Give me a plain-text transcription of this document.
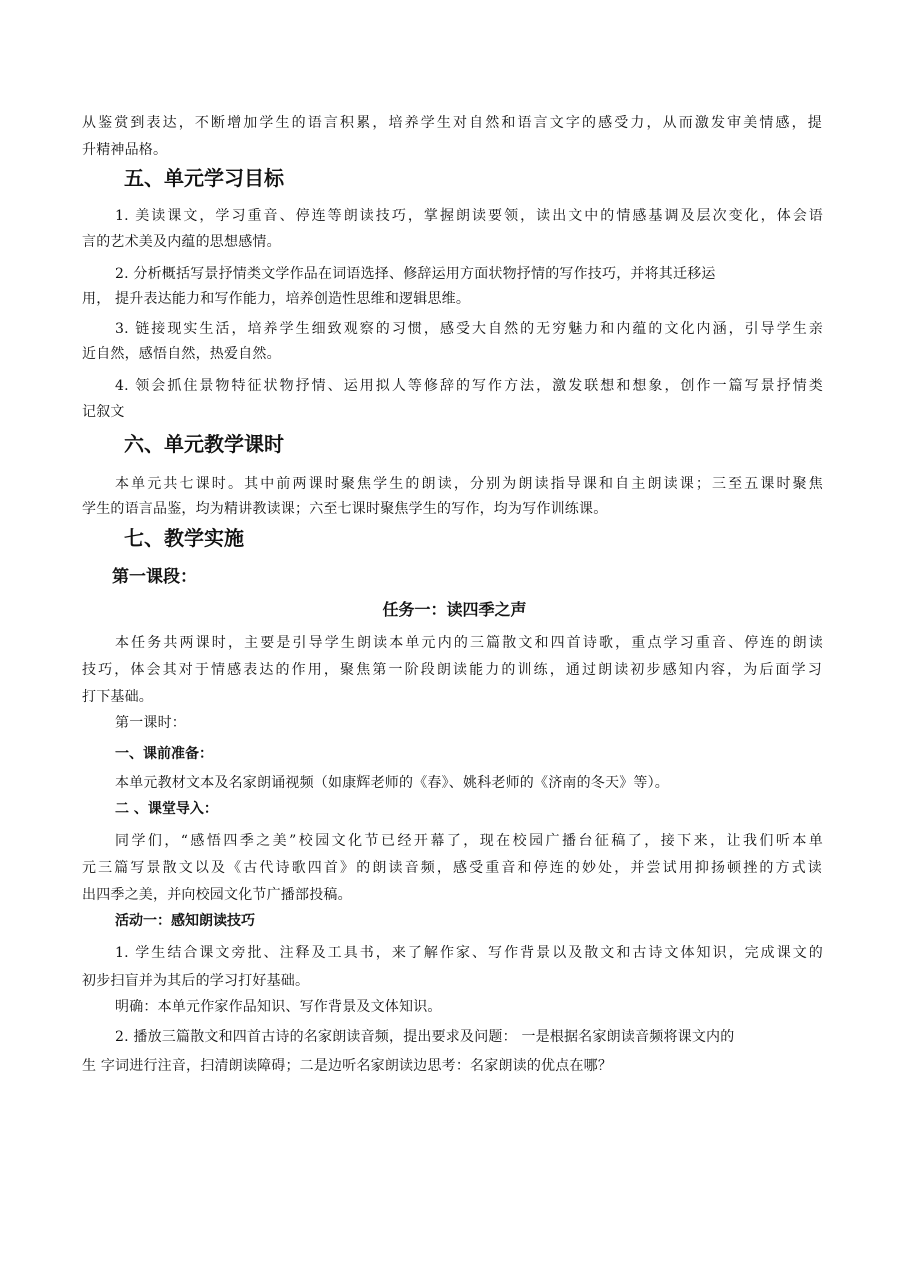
从鉴赏到表达，不断增加学生的语言积累，培养学生对自然和语言文字的感受力，从而激发审美情感，提
升精神品格。
五、单元学习目标
1. 美读课文，学习重音、停连等朗读技巧，掌握朗读要领，读出文中的情感基调及层次变化，体会语
言的艺术美及内蕴的思想感情。
2. 分析概括写景抒情类文学作品在词语选择、修辞运用方面状物抒情的写作技巧，并将其迁移运
用， 提升表达能力和写作能力，培养创造性思维和逻辑思维。
3. 链接现实生活，培养学生细致观察的习惯，感受大自然的无穷魅力和内蕴的文化内涵，引导学生亲
近自然，感悟自然，热爱自然。
4. 领会抓住景物特征状物抒情、运用拟人等修辞的写作方法，激发联想和想象，创作一篇写景抒情类
记叙文
六、单元教学课时
本单元共七课时。其中前两课时聚焦学生的朗读，分别为朗读指导课和自主朗读课；三至五课时聚焦
学生的语言品鉴，均为精讲教读课；六至七课时聚焦学生的写作，均为写作训练课。
七、教学实施
第一课段：
任务一：读四季之声
本任务共两课时，主要是引导学生朗读本单元内的三篇散文和四首诗歌，重点学习重音、停连的朗读
技巧，体会其对于情感表达的作用，聚焦第一阶段朗读能力的训练，通过朗读初步感知内容，为后面学习
打下基础。
第一课时：
一、课前准备：
本单元教材文本及名家朗诵视频（如康辉老师的《春》、姚科老师的《济南的冬天》等）。
二 、课堂导入：
同学们，“感悟四季之美”校园文化节已经开幕了，现在校园广播台征稿了，接下来，让我们听本单
元三篇写景散文以及《古代诗歌四首》的朗读音频，感受重音和停连的妙处，并尝试用抑扬顿挫的方式读
出四季之美，并向校园文化节广播部投稿。
活动一：感知朗读技巧
1. 学生结合课文旁批、注释及工具书，来了解作家、写作背景以及散文和古诗文体知识，完成课文的
初步扫盲并为其后的学习打好基础。
明确：本单元作家作品知识、写作背景及文体知识。
2. 播放三篇散文和四首古诗的名家朗读音频，提出要求及问题： 一是根据名家朗读音频将课文内的
生 字词进行注音，扫清朗读障碍；二是边听名家朗读边思考：名家朗读的优点在哪？
